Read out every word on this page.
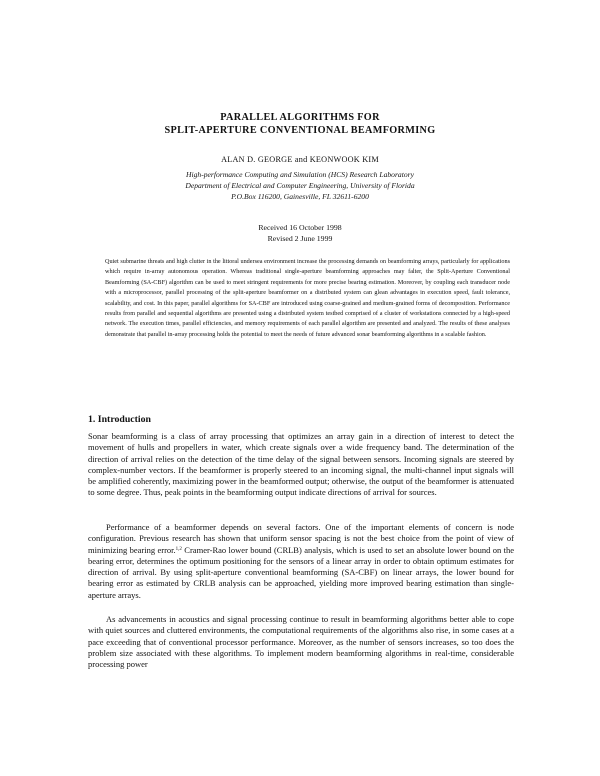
PARALLEL ALGORITHMS FOR
SPLIT-APERTURE CONVENTIONAL BEAMFORMING
ALAN D. GEORGE and KEONWOOK KIM
High-performance Computing and Simulation (HCS) Research Laboratory
Department of Electrical and Computer Engineering, University of Florida
P.O.Box 116200, Gainesville, FL 32611-6200
Received 16 October 1998
Revised 2 June 1999

Quiet submarine threats and high clutter in the littoral undersea environment increase the processing demands on beamforming arrays, particularly for applications which require in-array autonomous operation. Whereas traditional single-aperture beamforming approaches may falter, the Split-Aperture Conventional Beamforming (SA-CBF) algorithm can be used to meet stringent requirements for more precise bearing estimation. Moreover, by coupling each transducer node with a microprocessor, parallel processing of the split-aperture beamformer on a distributed system can glean advantages in execution speed, fault tolerance, scalability, and cost. In this paper, parallel algorithms for SA-CBF are introduced using coarse-grained and medium-grained forms of decomposition. Performance results from parallel and sequential algorithms are presented using a distributed system testbed comprised of a cluster of workstations connected by a high-speed network. The execution times, parallel efficiencies, and memory requirements of each parallel algorithm are presented and analyzed. The results of these analyses demonstrate that parallel in-array processing holds the potential to meet the needs of future advanced sonar beamforming algorithms in a scalable fashion.

1. Introduction

Sonar beamforming is a class of array processing that optimizes an array gain in a direction of interest to detect the movement of hulls and propellers in water, which create signals over a wide frequency band. The determination of the direction of arrival relies on the detection of the time delay of the signal between sensors. Incoming signals are steered by complex-number vectors. If the beamformer is properly steered to an incoming signal, the multi-channel input signals will be amplified coherently, maximizing power in the beamformed output; otherwise, the output of the beamformer is attenuated to some degree. Thus, peak points in the beamforming output indicate directions of arrival for sources.

Performance of a beamformer depends on several factors. One of the important elements of concern is node configuration. Previous research has shown that uniform sensor spacing is not the best choice from the point of view of minimizing bearing error.$^{1,2}$ Cramer-Rao lower bound (CRLB) analysis, which is used to set an absolute lower bound on the bearing error, determines the optimum positioning for the sensors of a linear array in order to obtain optimum estimates for direction of arrival. By using split-aperture conventional beamforming (SA-CBF) on linear arrays, the lower bound for bearing error as estimated by CRLB analysis can be approached, yielding more improved bearing estimation than single-aperture arrays.

As advancements in acoustics and signal processing continue to result in beamforming algorithms better able to cope with quiet sources and cluttered environments, the computational requirements of the algorithms also rise, in some cases at a pace exceeding that of conventional processor performance. Moreover, as the number of sensors increases, so too does the problem size associated with these algorithms. To implement modern beamforming algorithms in real-time, considerable processing power
